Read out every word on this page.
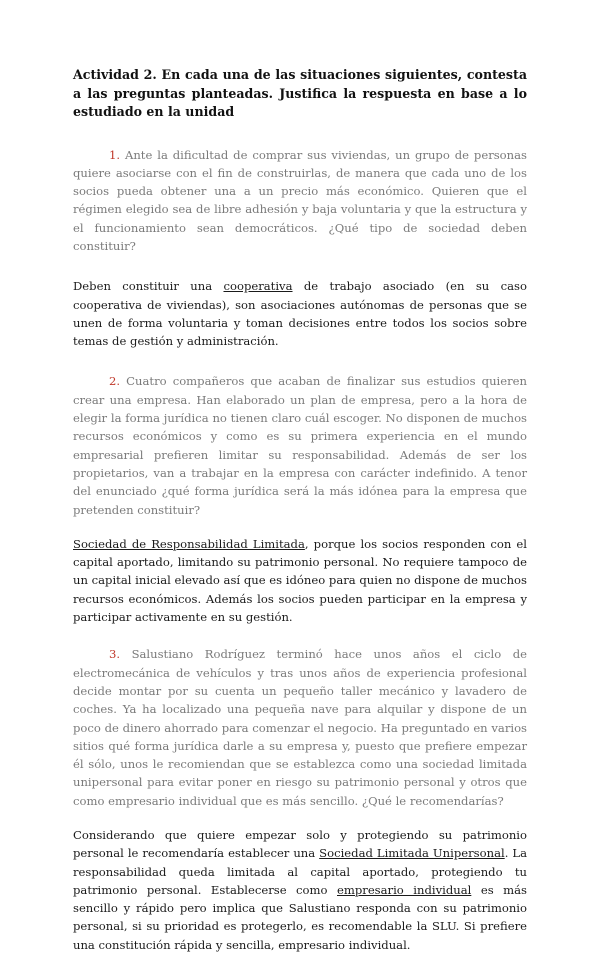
Actividad 2. En cada una de las situaciones siguientes, contesta a las preguntas planteadas. Justifica la respuesta en base a lo estudiado en la unidad

1. Ante la dificultad de comprar sus viviendas, un grupo de personas quiere asociarse con el fin de construirlas, de manera que cada uno de los socios pueda obtener una a un precio más económico. Quieren que el régimen elegido sea de libre adhesión y baja voluntaria y que la estructura y el funcionamiento sean democráticos. ¿Qué tipo de sociedad deben constituir?

Deben constituir una cooperativa de trabajo asociado (en su caso cooperativa de viviendas), son asociaciones autónomas de personas que se unen de forma voluntaria y toman decisiones entre todos los socios sobre temas de gestión y administración.

2. Cuatro compañeros que acaban de finalizar sus estudios quieren crear una empresa. Han elaborado un plan de empresa, pero a la hora de elegir la forma jurídica no tienen claro cuál escoger. No disponen de muchos recursos económicos y como es su primera experiencia en el mundo empresarial prefieren limitar su responsabilidad. Además de ser los propietarios, van a trabajar en la empresa con carácter indefinido. A tenor del enunciado ¿qué forma jurídica será la más idónea para la empresa que pretenden constituir?

Sociedad de Responsabilidad Limitada, porque los socios responden con el capital aportado, limitando su patrimonio personal. No requiere tampoco de un capital inicial elevado así que es idóneo para quien no dispone de muchos recursos económicos. Además los socios pueden participar en la empresa y participar activamente en su gestión.

3. Salustiano Rodríguez terminó hace unos años el ciclo de electromecánica de vehículos y tras unos años de experiencia profesional decide montar por su cuenta un pequeño taller mecánico y lavadero de coches. Ya ha localizado una pequeña nave para alquilar y dispone de un poco de dinero ahorrado para comenzar el negocio. Ha preguntado en varios sitios qué forma jurídica darle a su empresa y, puesto que prefiere empezar él sólo, unos le recomiendan que se establezca como una sociedad limitada unipersonal para evitar poner en riesgo su patrimonio personal y otros que como empresario individual que es más sencillo. ¿Qué le recomendarías?

Considerando que quiere empezar solo y protegiendo su patrimonio personal le recomendaría establecer una Sociedad Limitada Unipersonal. La responsabilidad queda limitada al capital aportado, protegiendo tu patrimonio personal. Establecerse como empresario individual es más sencillo y rápido pero implica que Salustiano responda con su patrimonio personal, si su prioridad es protegerlo, es recomendable la SLU. Si prefiere una constitución rápida y sencilla, empresario individual.
